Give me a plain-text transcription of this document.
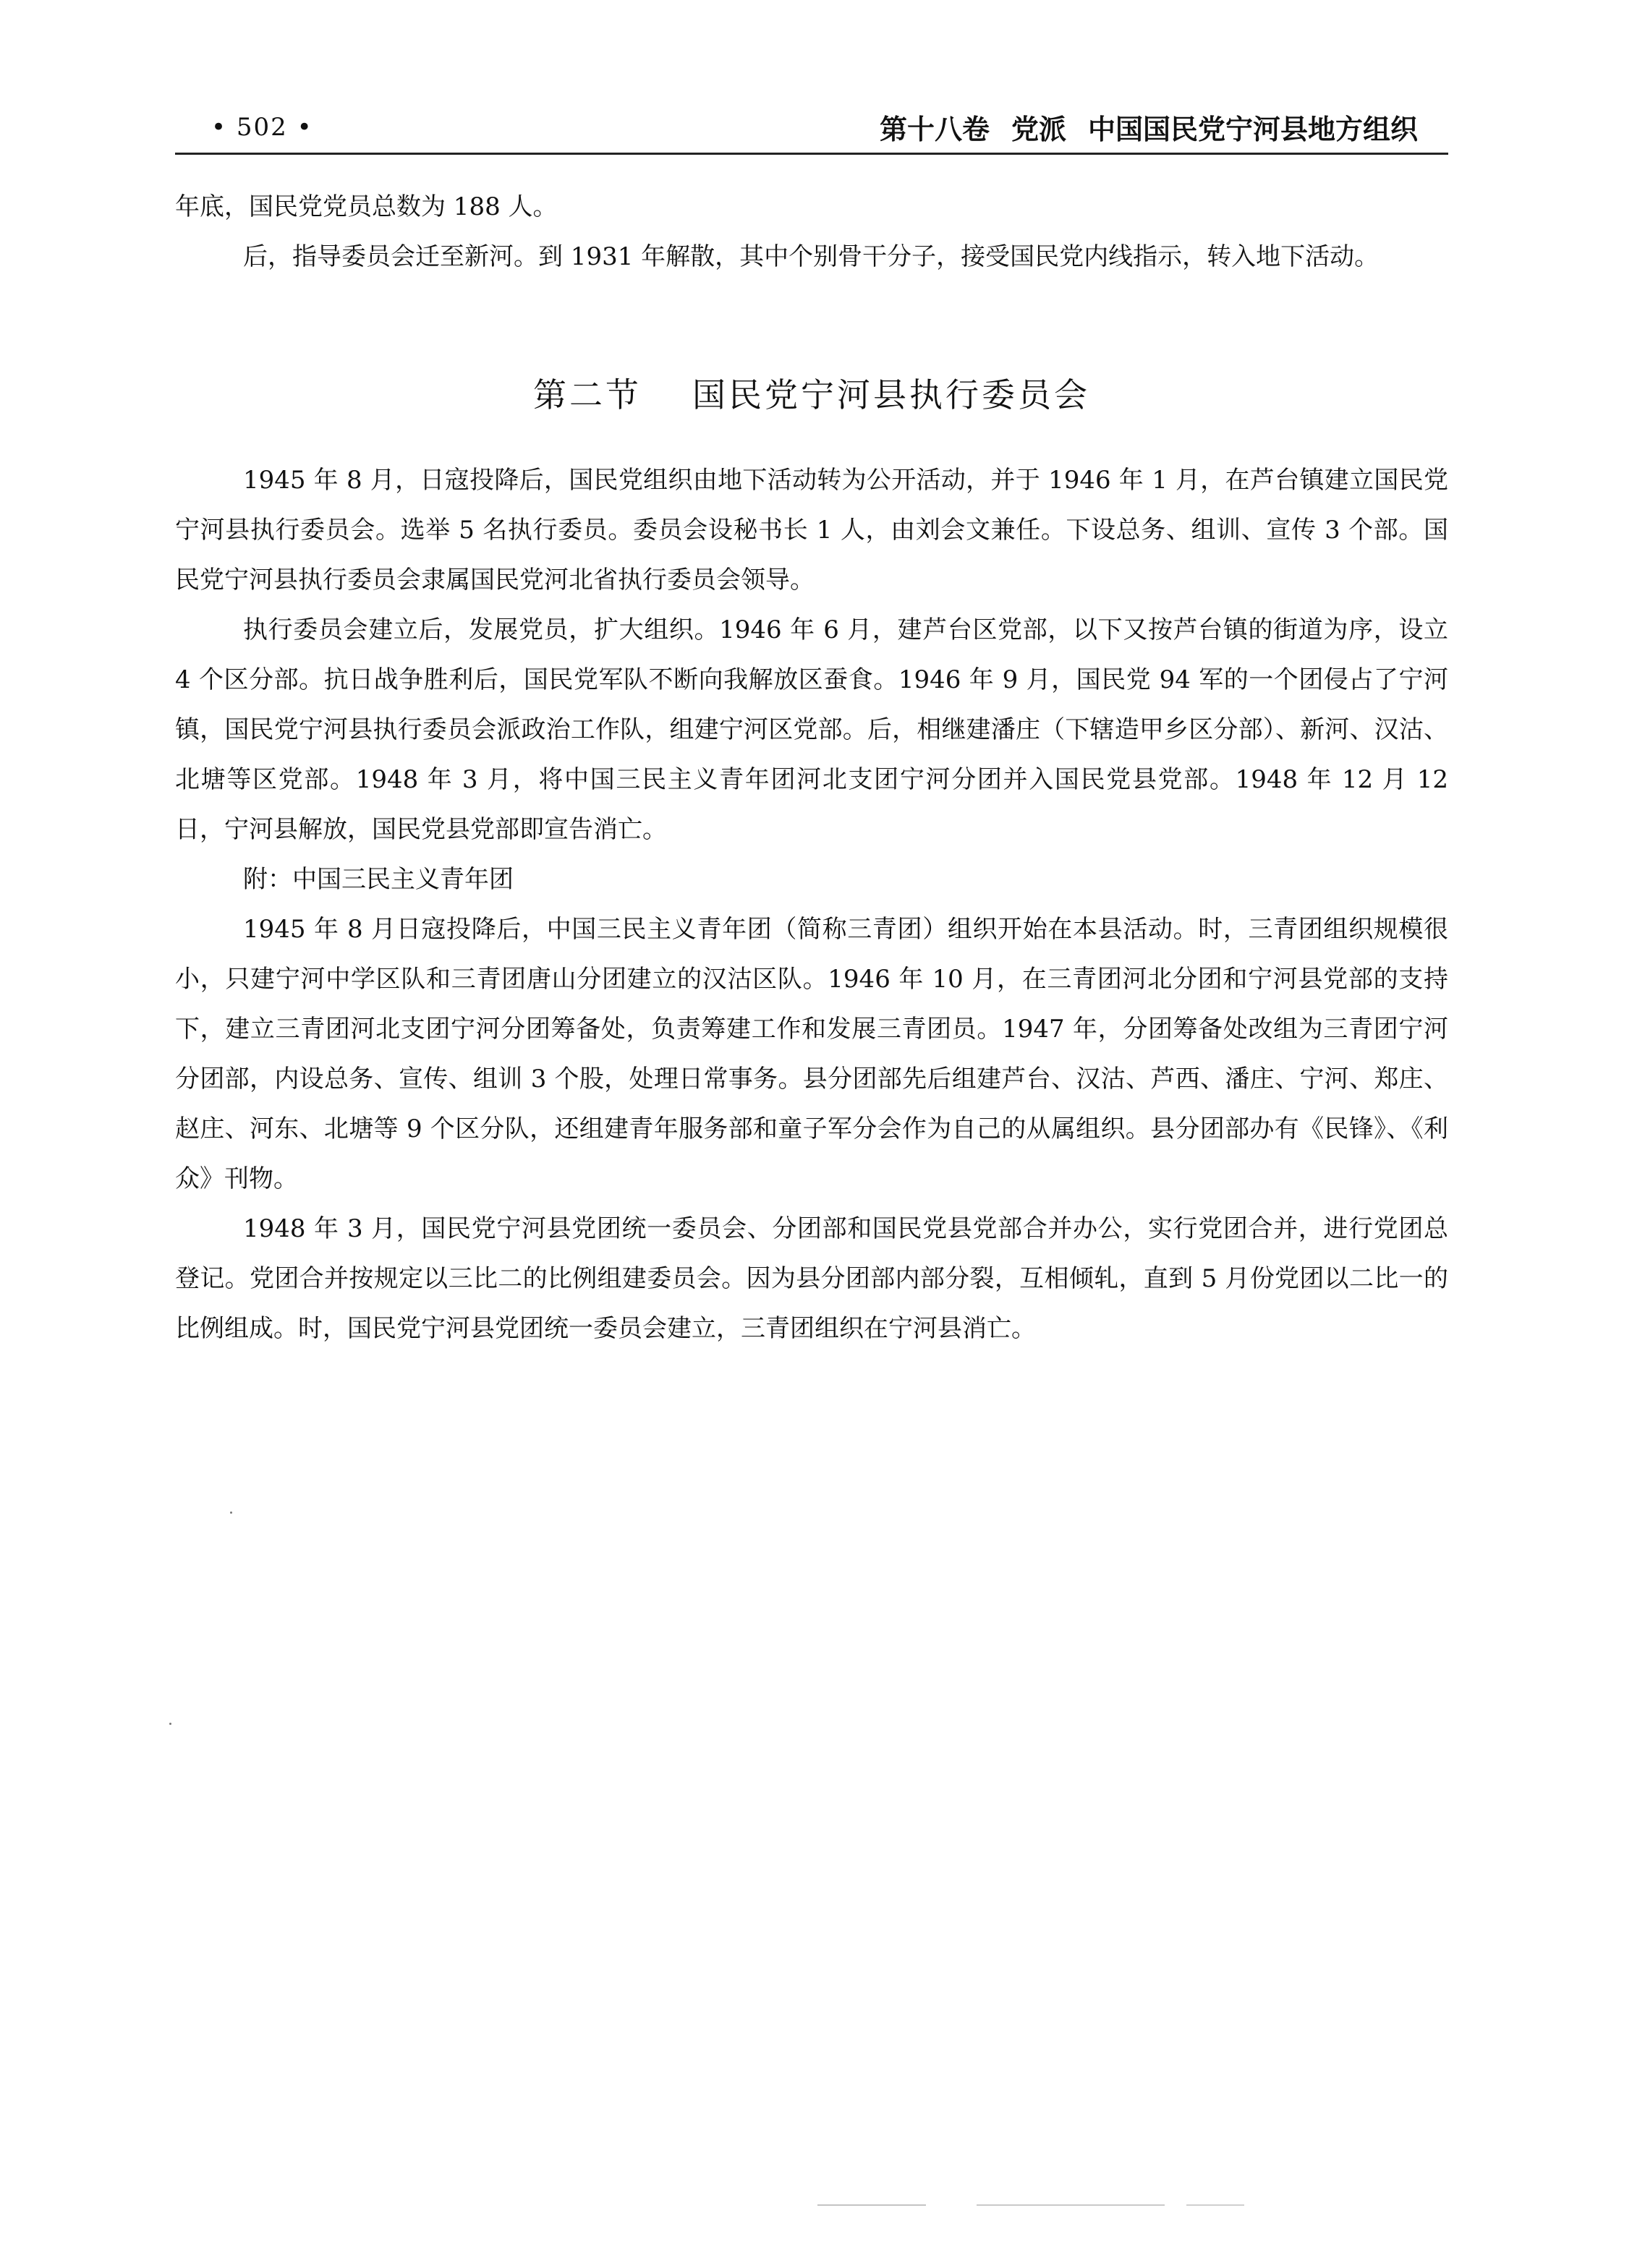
• 502 •	第十八卷 党派 中国国民党宁河县地方组织

年底，国民党党员总数为 188 人。

后，指导委员会迁至新河。到 1931 年解散，其中个别骨干分子，接受国民党内线指示，转入地下活动。

第二节 国民党宁河县执行委员会

1945 年 8 月，日寇投降后，国民党组织由地下活动转为公开活动，并于 1946 年 1 月，在芦台镇建立国民党宁河县执行委员会。选举 5 名执行委员。委员会设秘书长 1 人，由刘会文兼任。下设总务、组训、宣传 3 个部。国民党宁河县执行委员会隶属国民党河北省执行委员会领导。

执行委员会建立后，发展党员，扩大组织。1946 年 6 月，建芦台区党部，以下又按芦台镇的街道为序，设立 4 个区分部。抗日战争胜利后，国民党军队不断向我解放区蚕食。1946 年 9 月，国民党 94 军的一个团侵占了宁河镇，国民党宁河县执行委员会派政治工作队，组建宁河区党部。后，相继建潘庄（下辖造甲乡区分部）、新河、汉沽、北塘等区党部。1948 年 3 月，将中国三民主义青年团河北支团宁河分团并入国民党县党部。1948 年 12 月 12 日，宁河县解放，国民党县党部即宣告消亡。

附：中国三民主义青年团

1945 年 8 月日寇投降后，中国三民主义青年团（简称三青团）组织开始在本县活动。时，三青团组织规模很小，只建宁河中学区队和三青团唐山分团建立的汉沽区队。1946 年 10 月，在三青团河北分团和宁河县党部的支持下，建立三青团河北支团宁河分团筹备处，负责筹建工作和发展三青团员。1947 年，分团筹备处改组为三青团宁河分团部，内设总务、宣传、组训 3 个股，处理日常事务。县分团部先后组建芦台、汉沽、芦西、潘庄、宁河、郑庄、赵庄、河东、北塘等 9 个区分队，还组建青年服务部和童子军分会作为自己的从属组织。县分团部办有《民锋》、《利众》刊物。

1948 年 3 月，国民党宁河县党团统一委员会、分团部和国民党县党部合并办公，实行党团合并，进行党团总登记。党团合并按规定以三比二的比例组建委员会。因为县分团部内部分裂，互相倾轧，直到 5 月份党团以二比一的比例组成。时，国民党宁河县党团统一委员会建立，三青团组织在宁河县消亡。
